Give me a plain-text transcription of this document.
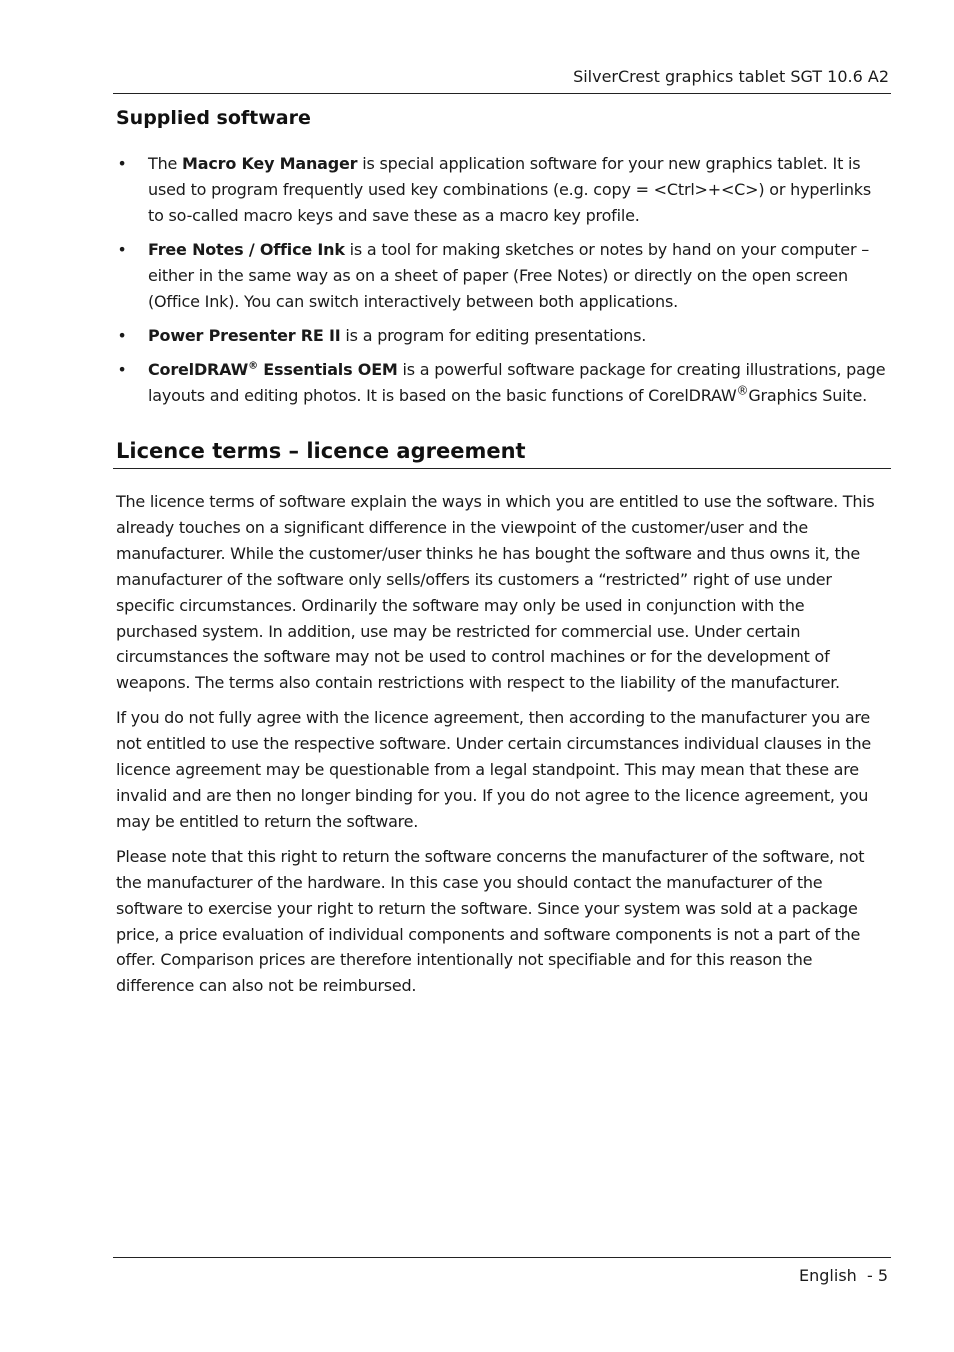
SilverCrest graphics tablet SGT 10.6 A2
Supplied software
• The Macro Key Manager is special application software for your new graphics tablet. It is used to program frequently used key combinations (e.g. copy = <Ctrl>+<C>) or hyperlinks to so-called macro keys and save these as a macro key profile.
• Free Notes / Office Ink is a tool for making sketches or notes by hand on your computer – either in the same way as on a sheet of paper (Free Notes) or directly on the open screen (Office Ink). You can switch interactively between both applications.
• Power Presenter RE II is a program for editing presentations.
• CorelDRAW® Essentials OEM is a powerful software package for creating illustrations, page layouts and editing photos. It is based on the basic functions of CorelDRAW®Graphics Suite.
Licence terms – licence agreement

The licence terms of software explain the ways in which you are entitled to use the software. This already touches on a significant difference in the viewpoint of the customer/user and the manufacturer. While the customer/user thinks he has bought the software and thus owns it, the manufacturer of the software only sells/offers its customers a “restricted” right of use under specific circumstances. Ordinarily the software may only be used in conjunction with the purchased system. In addition, use may be restricted for commercial use. Under certain circumstances the software may not be used to control machines or for the development of weapons. The terms also contain restrictions with respect to the liability of the manufacturer.

If you do not fully agree with the licence agreement, then according to the manufacturer you are not entitled to use the respective software. Under certain circumstances individual clauses in the licence agreement may be questionable from a legal standpoint. This may mean that these are invalid and are then no longer binding for you. If you do not agree to the licence agreement, you may be entitled to return the software.

Please note that this right to return the software concerns the manufacturer of the software, not the manufacturer of the hardware. In this case you should contact the manufacturer of the software to exercise your right to return the software. Since your system was sold at a package price, a price evaluation of individual components and software components is not a part of the offer. Comparison prices are therefore intentionally not specifiable and for this reason the difference can also not be reimbursed.

English  - 5
